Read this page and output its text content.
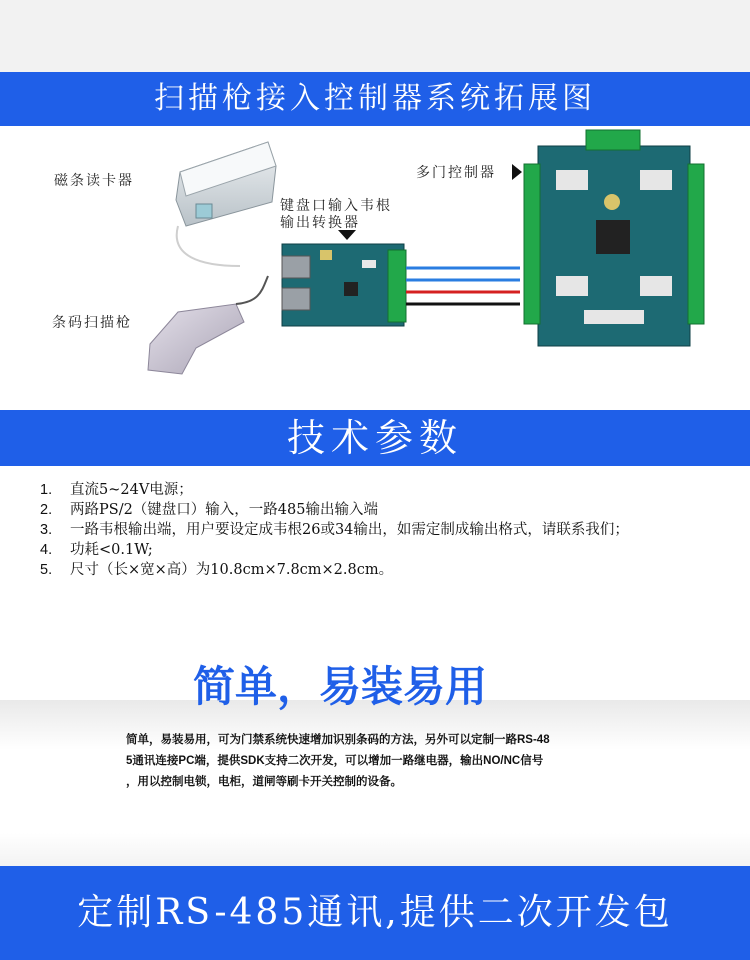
扫描枪接入控制器系统拓展图
磁条读卡器
键盘口输入韦根
输出转换器
多门控制器
条码扫描枪
技术参数
1. 直流5~24V电源；
2. 两路PS/2（键盘口）输入，一路485输出输入端
3. 一路韦根输出端，用户要设定成韦根26或34输出，如需定制成输出格式，请联系我们；
4. 功耗<0.1W;
5. 尺寸（长×宽×高）为10.8cm×7.8cm×2.8cm。
简单，易装易用
简单，易装易用，可为门禁系统快速增加识别条码的方法，另外可以定制一路RS-48
5通讯连接PC端，提供SDK支持二次开发，可以增加一路继电器，输出NO/NC信号
，用以控制电锁，电柜，道闸等刷卡开关控制的设备。
定制RS-485通讯,提供二次开发包
